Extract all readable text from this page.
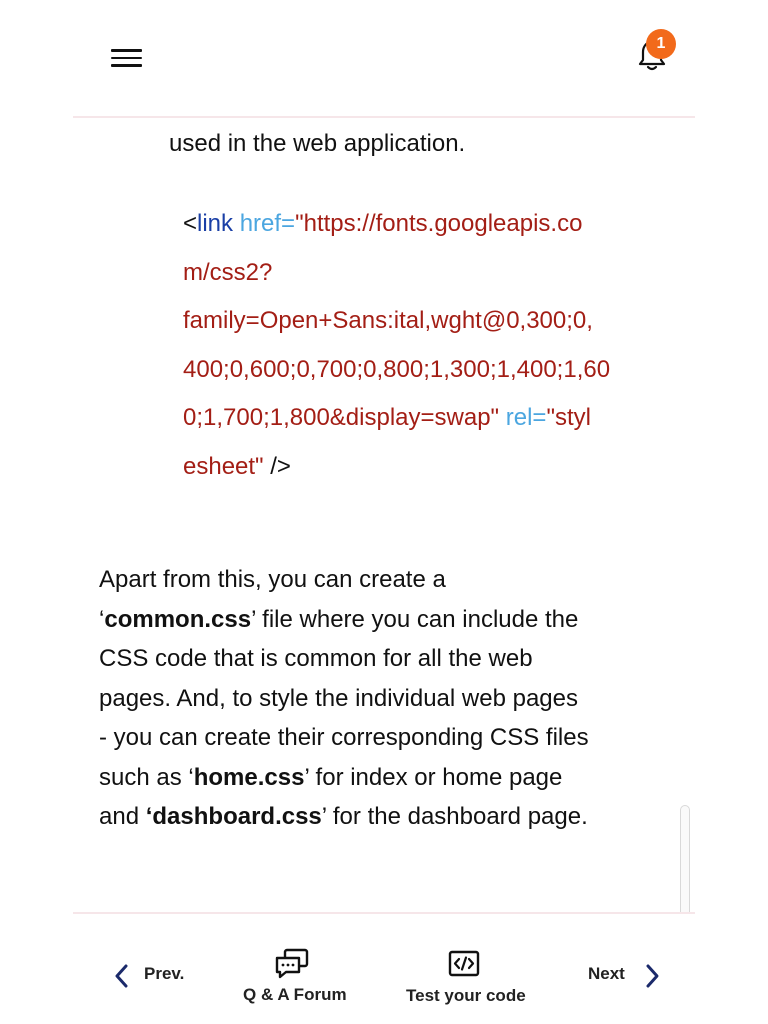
1

used in the web application.

<link href="https://fonts.googleapis.co
m/css2?
family=Open+Sans:ital,wght@0,300;0,
400;0,600;0,700;0,800;1,300;1,400;1,60
0;1,700;1,800&display=swap" rel="styl
esheet" />

Apart from this, you can create a
‘common.css’ file where you can include the
CSS code that is common for all the web
pages. And, to style the individual web pages
- you can create their corresponding CSS files
such as ‘home.css’ for index or home page
and ‘dashboard.css’ for the dashboard page.

Prev.
Q & A Forum	Test your code
Next
